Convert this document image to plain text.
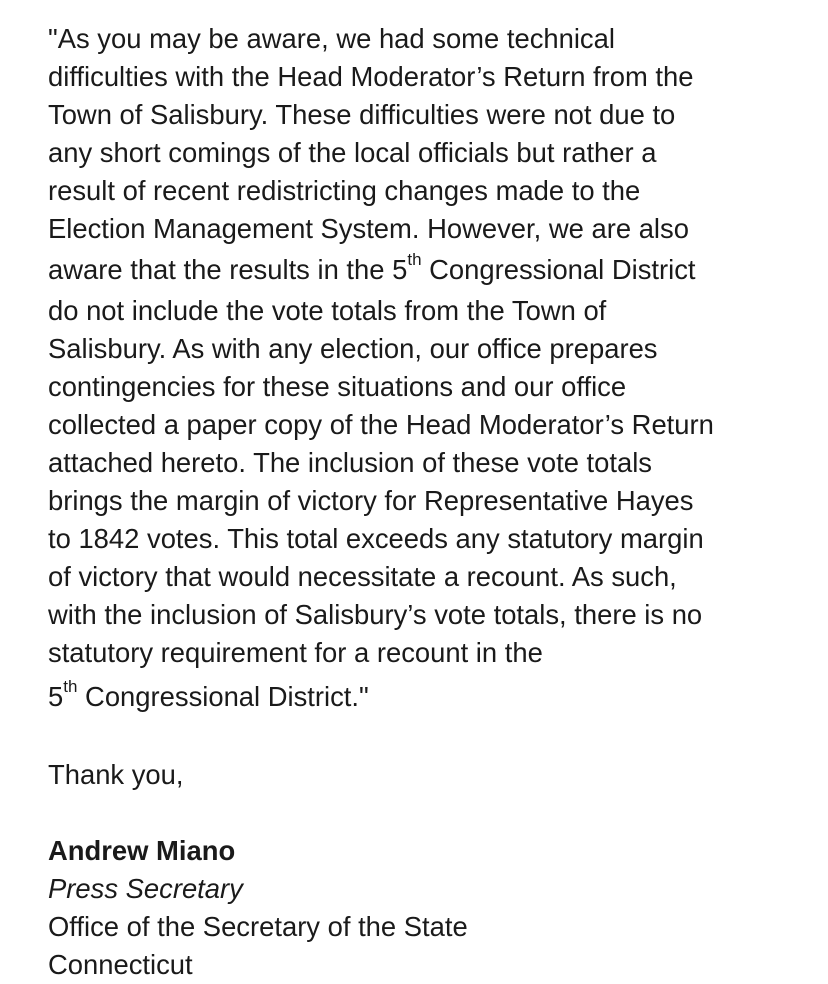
"As you may be aware, we had some technical
difficulties with the Head Moderator’s Return from the
Town of Salisbury. These difficulties were not due to
any short comings of the local officials but rather a
result of recent redistricting changes made to the
Election Management System. However, we are also
aware that the results in the 5th Congressional District
do not include the vote totals from the Town of
Salisbury. As with any election, our office prepares
contingencies for these situations and our office
collected a paper copy of the Head Moderator’s Return
attached hereto. The inclusion of these vote totals
brings the margin of victory for Representative Hayes
to 1842 votes. This total exceeds any statutory margin
of victory that would necessitate a recount. As such,
with the inclusion of Salisbury’s vote totals, there is no
statutory requirement for a recount in the
5th Congressional District."
Thank you,
Andrew Miano
Press Secretary
Office of the Secretary of the State
Connecticut
